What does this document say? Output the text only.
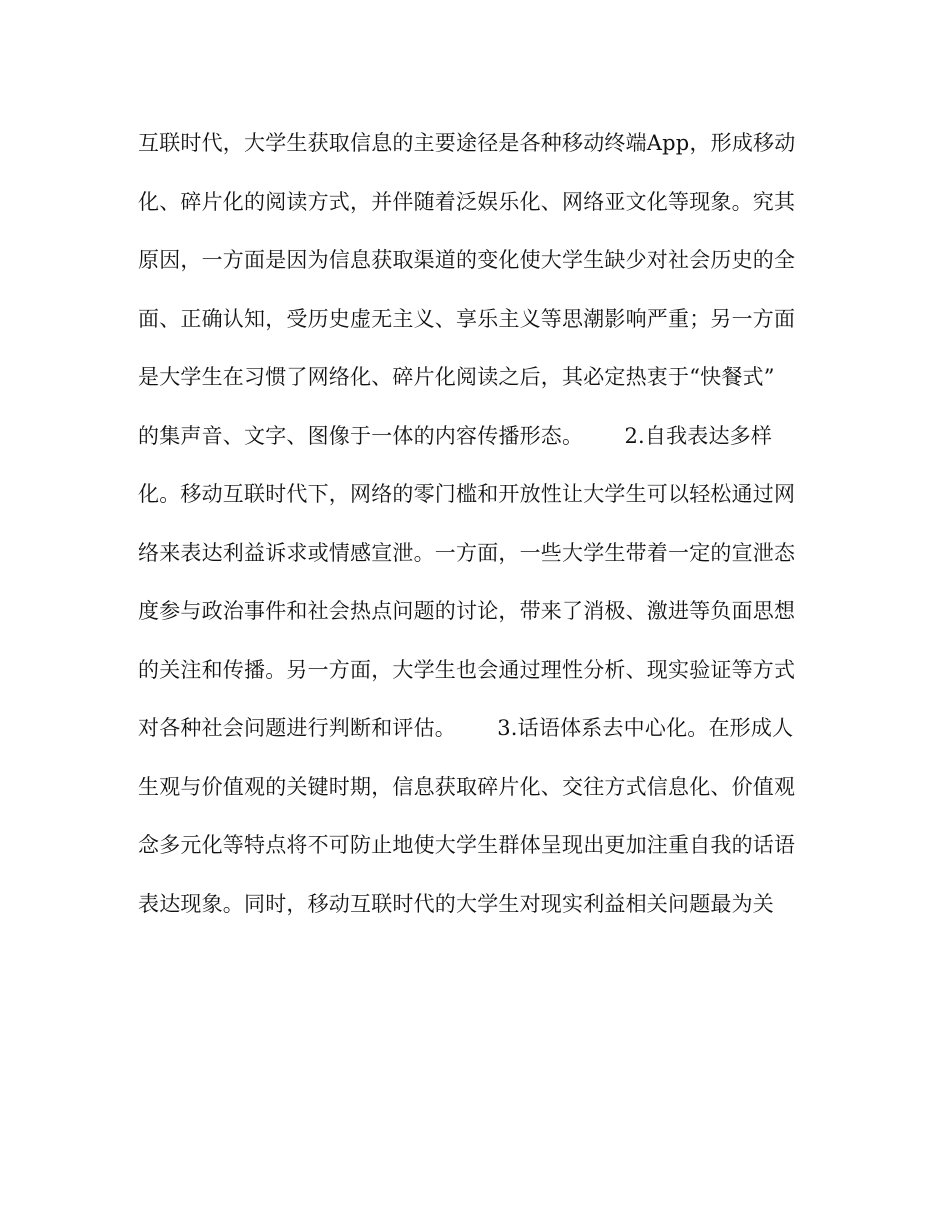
互联时代，大学生获取信息的主要途径是各种移动终端App，形成移动
化、碎片化的阅读方式，并伴随着泛娱乐化、网络亚文化等现象。究其
原因，一方面是因为信息获取渠道的变化使大学生缺少对社会历史的全
面、正确认知，受历史虚无主义、享乐主义等思潮影响严重；另一方面
是大学生在习惯了网络化、碎片化阅读之后，其必定热衷于“快餐式”
的集声音、文字、图像于一体的内容传播形态。      2.自我表达多样
化。移动互联时代下，网络的零门槛和开放性让大学生可以轻松通过网
络来表达利益诉求或情感宣泄。一方面，一些大学生带着一定的宣泄态
度参与政治事件和社会热点问题的讨论，带来了消极、激进等负面思想
的关注和传播。另一方面，大学生也会通过理性分析、现实验证等方式
对各种社会问题进行判断和评估。      3.话语体系去中心化。在形成人
生观与价值观的关键时期，信息获取碎片化、交往方式信息化、价值观
念多元化等特点将不可防止地使大学生群体呈现出更加注重自我的话语
表达现象。同时，移动互联时代的大学生对现实利益相关问题最为关
